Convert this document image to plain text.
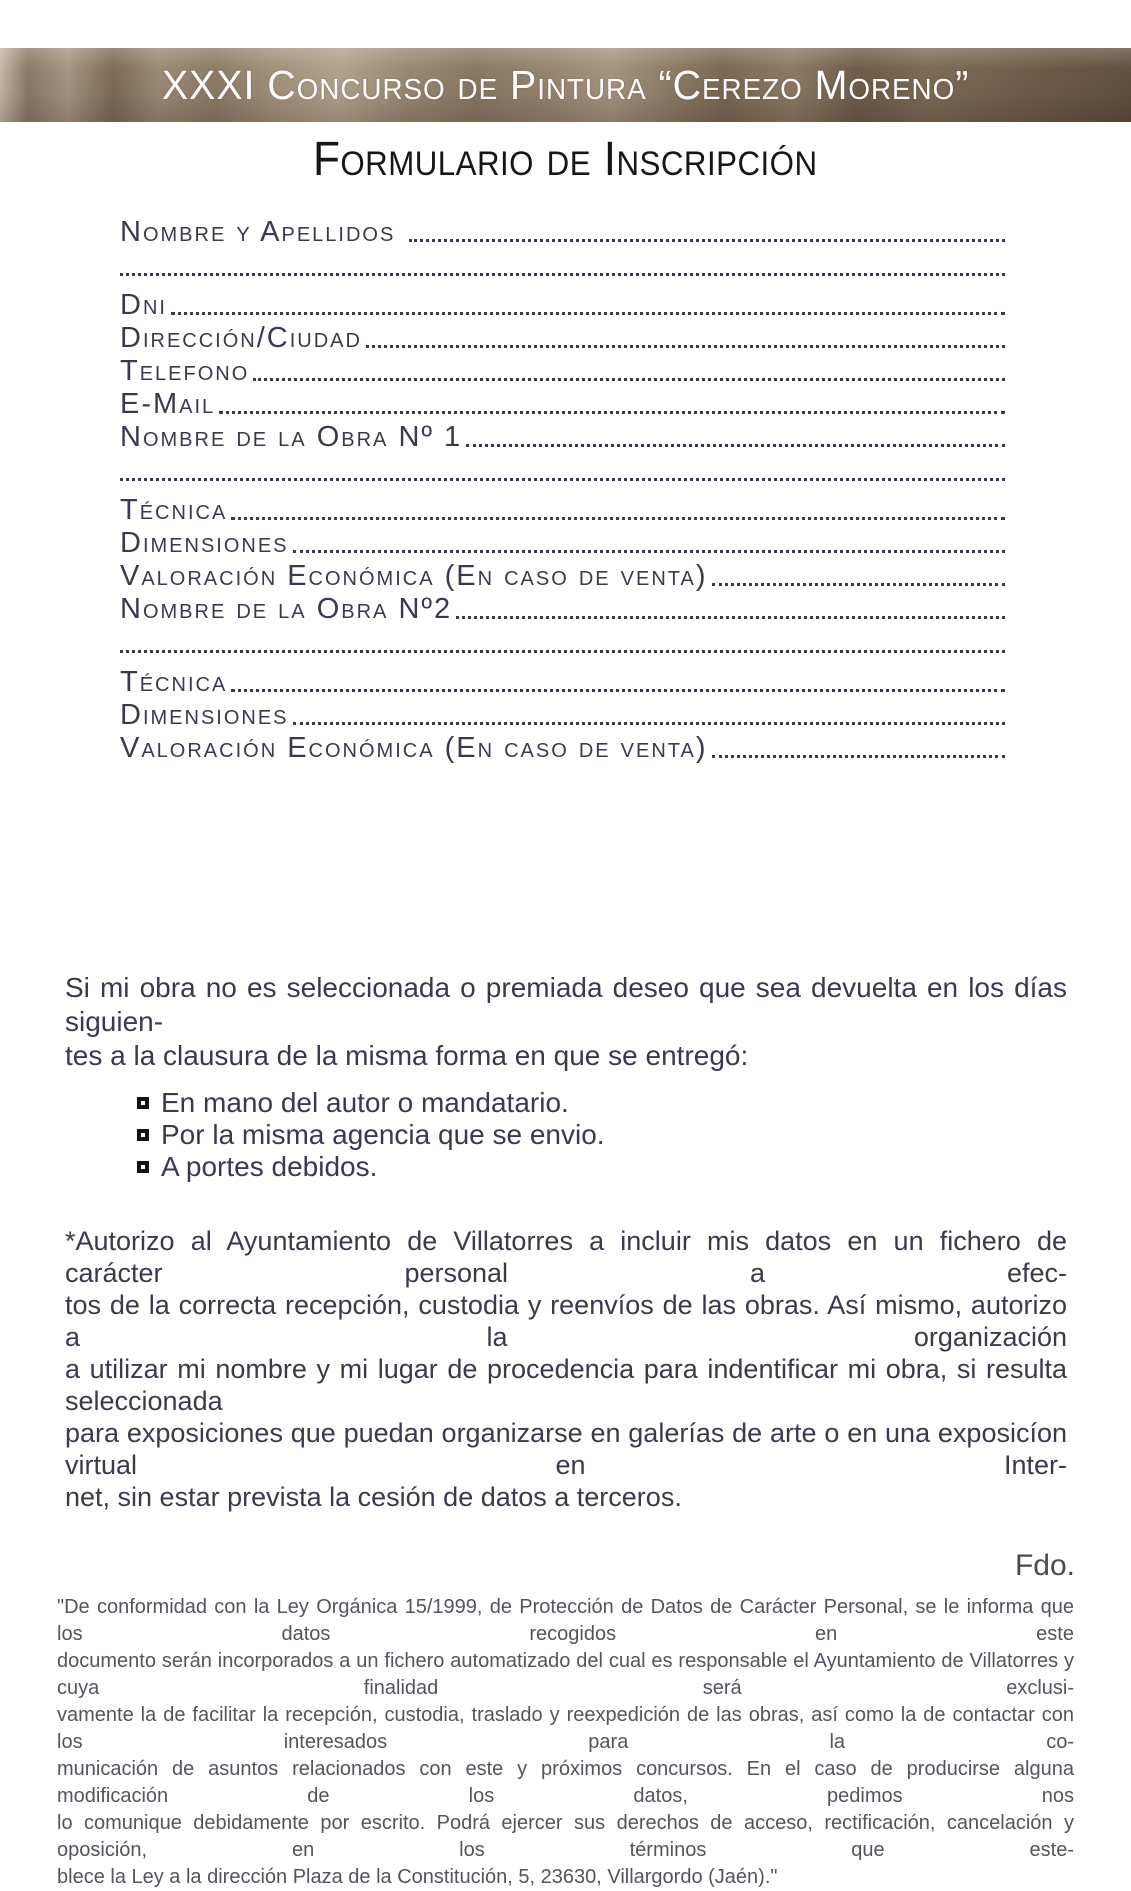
XXXI Concurso de Pintura “Cerezo Moreno”
Formulario de Inscripción
Nombre y Apellidos
Dni
Dirección/Ciudad
Telefono
E-Mail
Nombre de la Obra Nº 1
Técnica
Dimensiones
Valoración Económica (En caso de venta)
Nombre de la Obra Nº2
Técnica
Dimensiones
Valoración Económica (En caso de venta)
Si mi obra no es seleccionada o premiada deseo que sea devuelta en los días siguien-
tes a la clausura de la misma forma en que se entregó:
En mano del autor o mandatario.
Por la misma agencia que se envio.
A portes debidos.
*Autorizo al Ayuntamiento de Villatorres a incluir mis datos en un fichero de carácter personal a efec-
tos de la correcta recepción, custodia y reenvíos de las obras. Así mismo, autorizo a la organización
a utilizar mi nombre y mi lugar de procedencia para indentificar mi obra, si resulta seleccionada
para exposiciones que puedan organizarse en galerías de arte o en una exposicíon virtual en Inter-
net, sin estar prevista la cesión de datos a terceros.
Fdo.
"De conformidad con la Ley Orgánica 15/1999, de Protección de Datos de Carácter Personal, se le informa que los datos recogidos en este
documento serán incorporados a un fichero automatizado del cual es responsable el Ayuntamiento de Villatorres y cuya finalidad será exclusi-
vamente la de facilitar la recepción, custodia, traslado y reexpedición de las obras, así como la de contactar con los interesados para la co-
municación de asuntos relacionados con este y próximos concursos. En el caso de producirse alguna modificación de los datos, pedimos nos
lo comunique debidamente por escrito. Podrá ejercer sus derechos de acceso, rectificación, cancelación y oposición, en los términos que este-
blece la Ley a la dirección Plaza de la Constitución, 5, 23630, Villargordo (Jaén)."
